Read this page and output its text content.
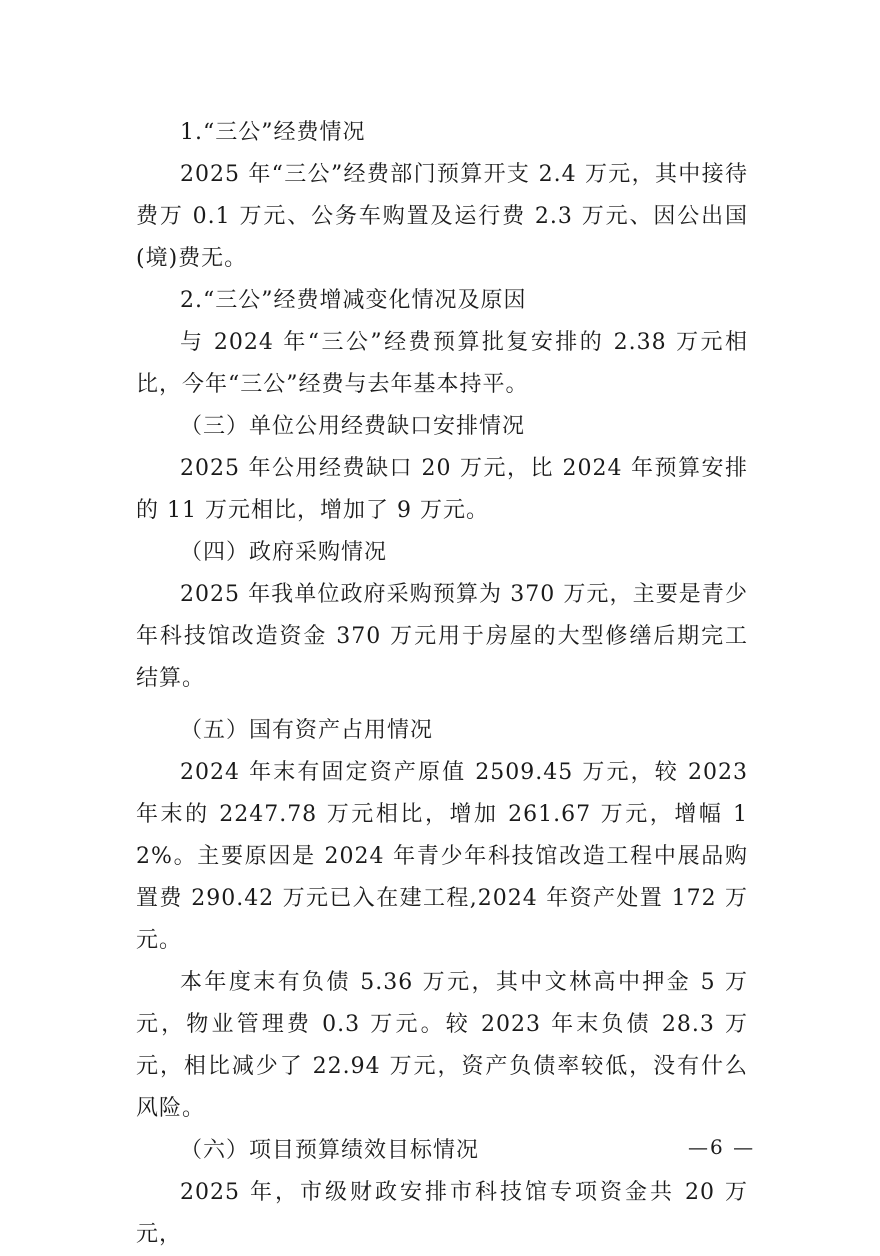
1.“三公”经费情况

2025 年“三公”经费部门预算开支 2.4 万元，其中接待费万 0.1 万元、公务车购置及运行费 2.3 万元、因公出国(境)费无。

2.“三公”经费增减变化情况及原因

与 2024 年“三公”经费预算批复安排的 2.38 万元相比，今年“三公”经费与去年基本持平。

（三）单位公用经费缺口安排情况

2025 年公用经费缺口 20 万元，比 2024 年预算安排的 11 万元相比，增加了 9 万元。

（四）政府采购情况

2025 年我单位政府采购预算为 370 万元，主要是青少年科技馆改造资金 370 万元用于房屋的大型修缮后期完工结算。

（五）国有资产占用情况

2024 年末有固定资产原值 2509.45 万元，较 2023 年末的 2247.78 万元相比，增加 261.67 万元，增幅 12%。主要原因是 2024 年青少年科技馆改造工程中展品购置费 290.42 万元已入在建工程,2024 年资产处置 172 万元。

本年度末有负债 5.36 万元，其中文林高中押金 5 万元，物业管理费 0.3 万元。较 2023 年末负债 28.3 万元，相比减少了 22.94 万元，资产负债率较低，没有什么风险。

（六）项目预算绩效目标情况

2025 年，市级财政安排市科技馆专项资金共 20 万元，

—6 —
